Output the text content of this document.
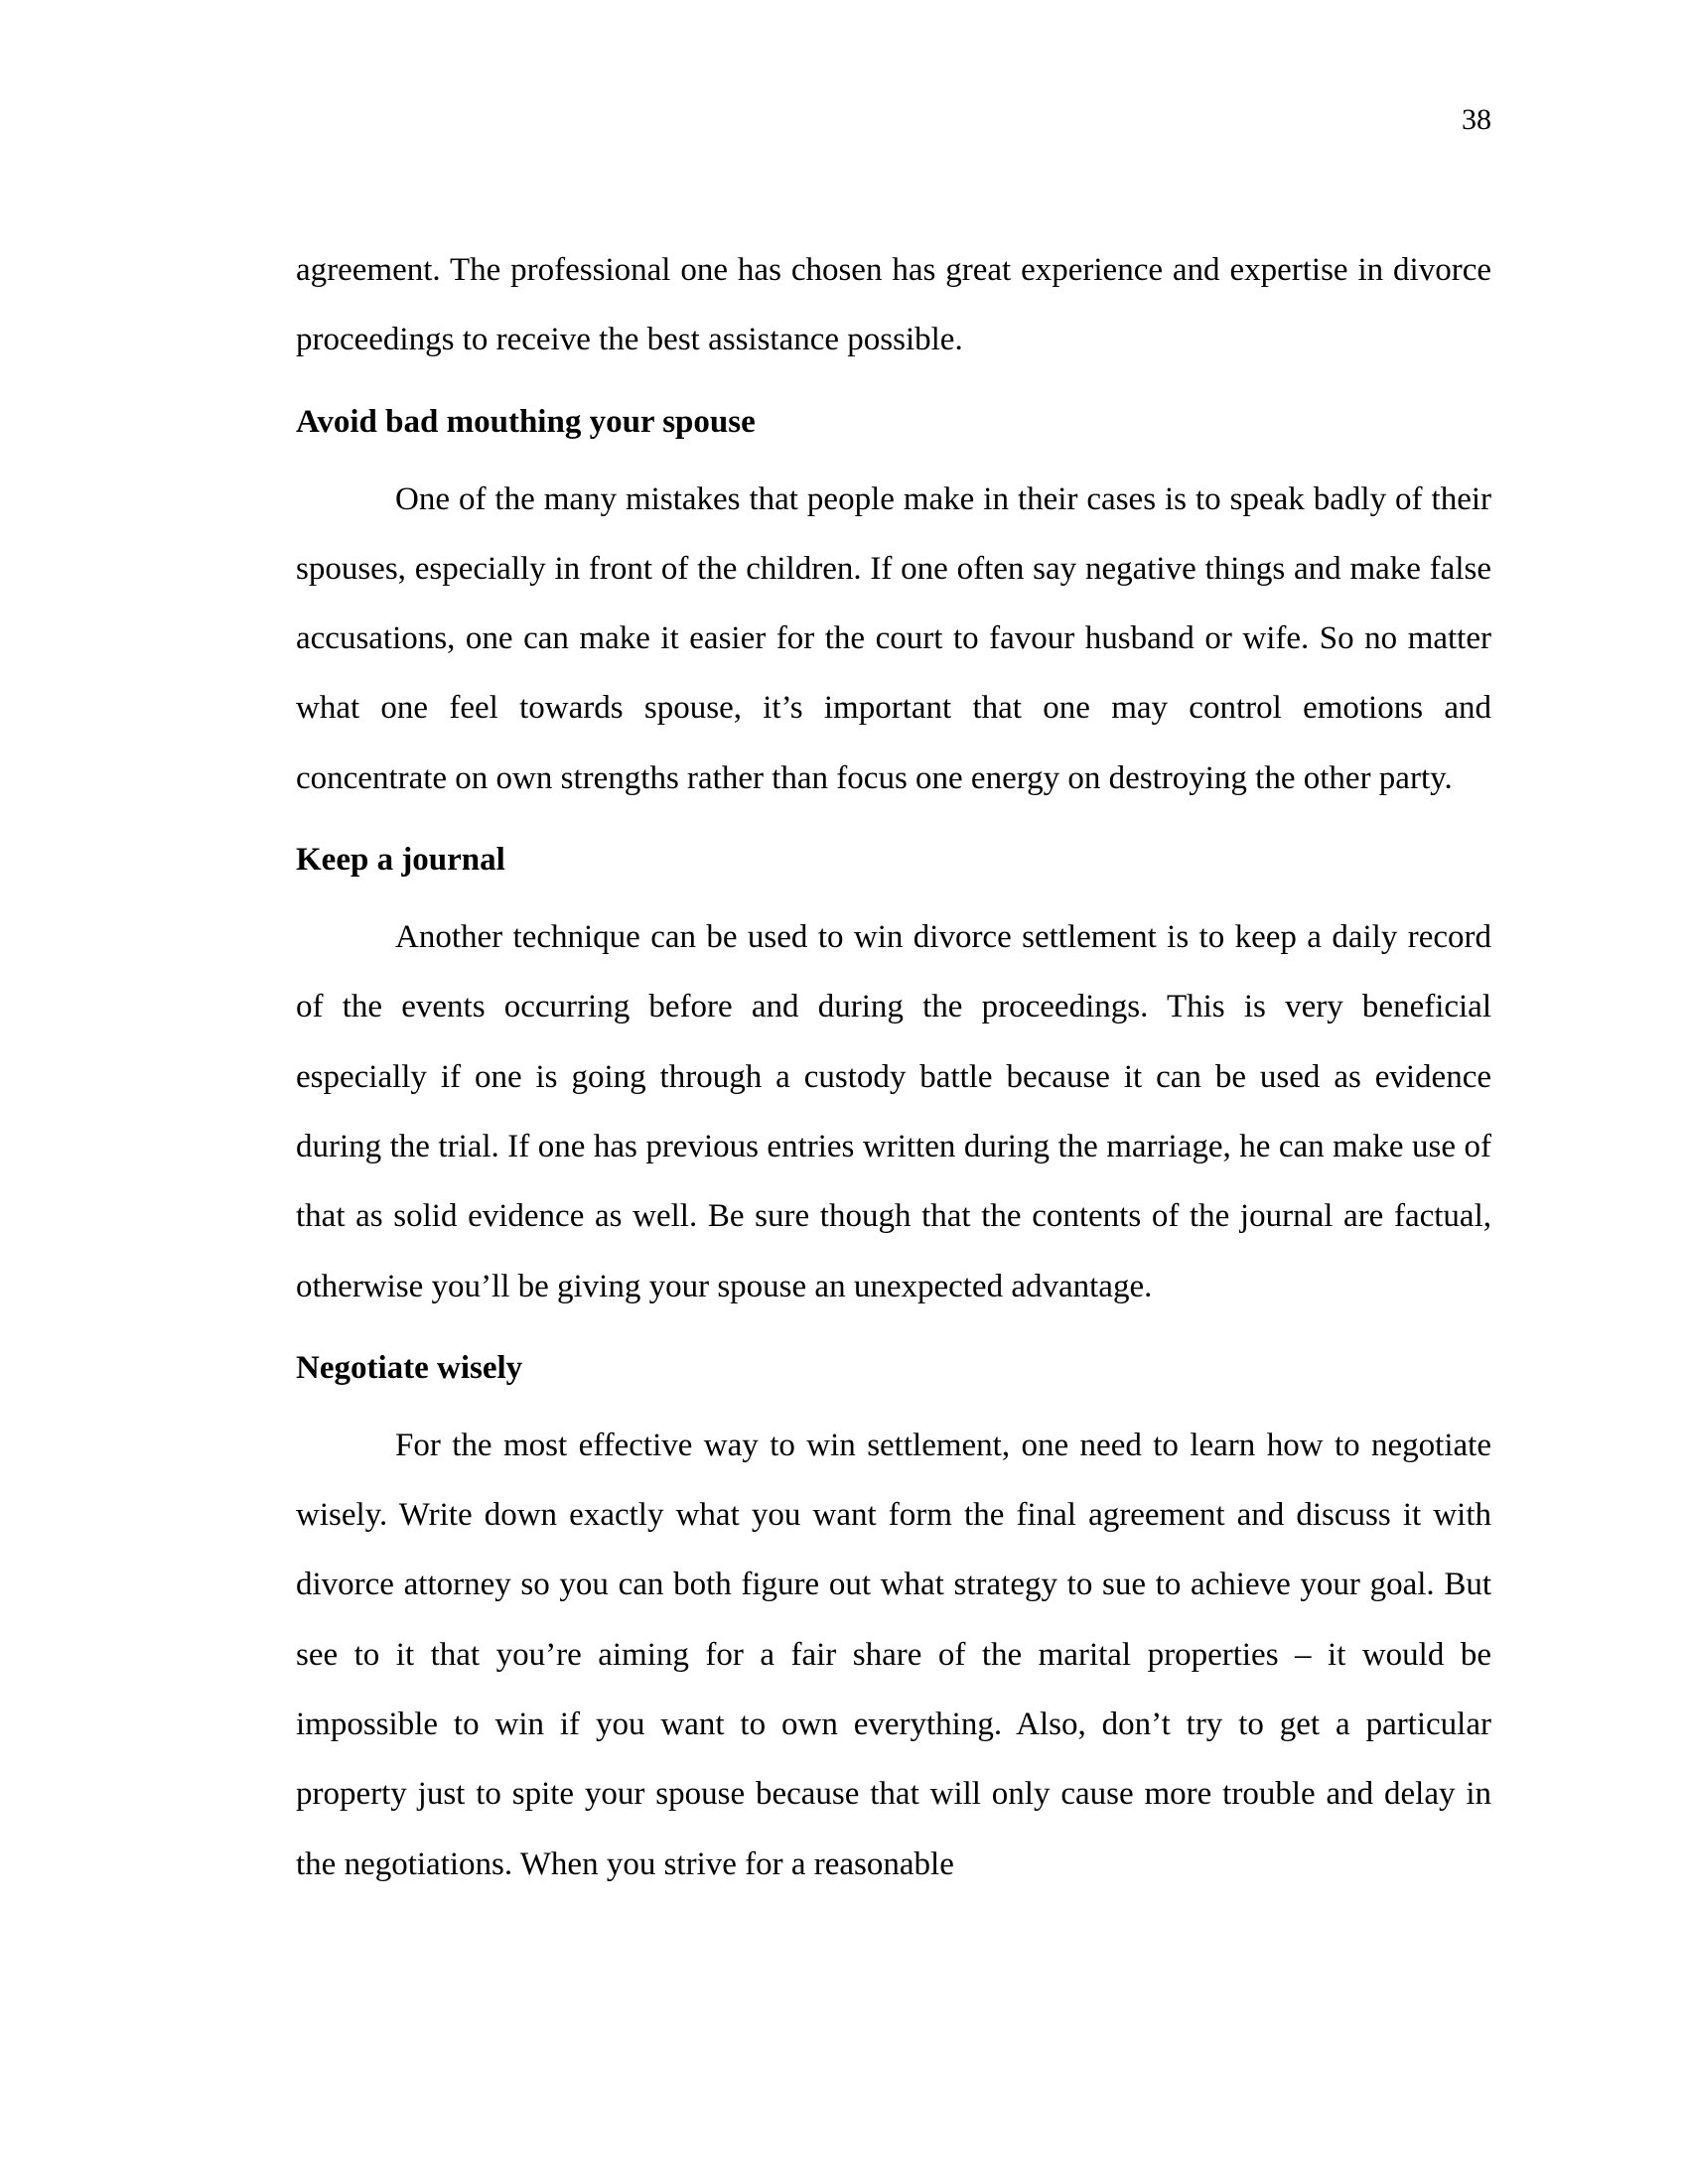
38

agreement. The professional one has chosen has great experience and expertise in divorce proceedings to receive the best assistance possible.

Avoid bad mouthing your spouse

One of the many mistakes that people make in their cases is to speak badly of their spouses, especially in front of the children. If one often say negative things and make false accusations, one can make it easier for the court to favour husband or wife. So no matter what one feel towards spouse, it’s important that one may control emotions and concentrate on own strengths rather than focus one energy on destroying the other party.

Keep a journal

Another technique can be used to win divorce settlement is to keep a daily record of the events occurring before and during the proceedings. This is very beneficial especially if one is going through a custody battle because it can be used as evidence during the trial. If one has previous entries written during the marriage, he can make use of that as solid evidence as well. Be sure though that the contents of the journal are factual, otherwise you’ll be giving your spouse an unexpected advantage.

Negotiate wisely

For the most effective way to win settlement, one need to learn how to negotiate wisely. Write down exactly what you want form the final agreement and discuss it with divorce attorney so you can both figure out what strategy to sue to achieve your goal. But see to it that you’re aiming for a fair share of the marital properties – it would be impossible to win if you want to own everything. Also, don’t try to get a particular property just to spite your spouse because that will only cause more trouble and delay in the negotiations. When you strive for a reasonable
